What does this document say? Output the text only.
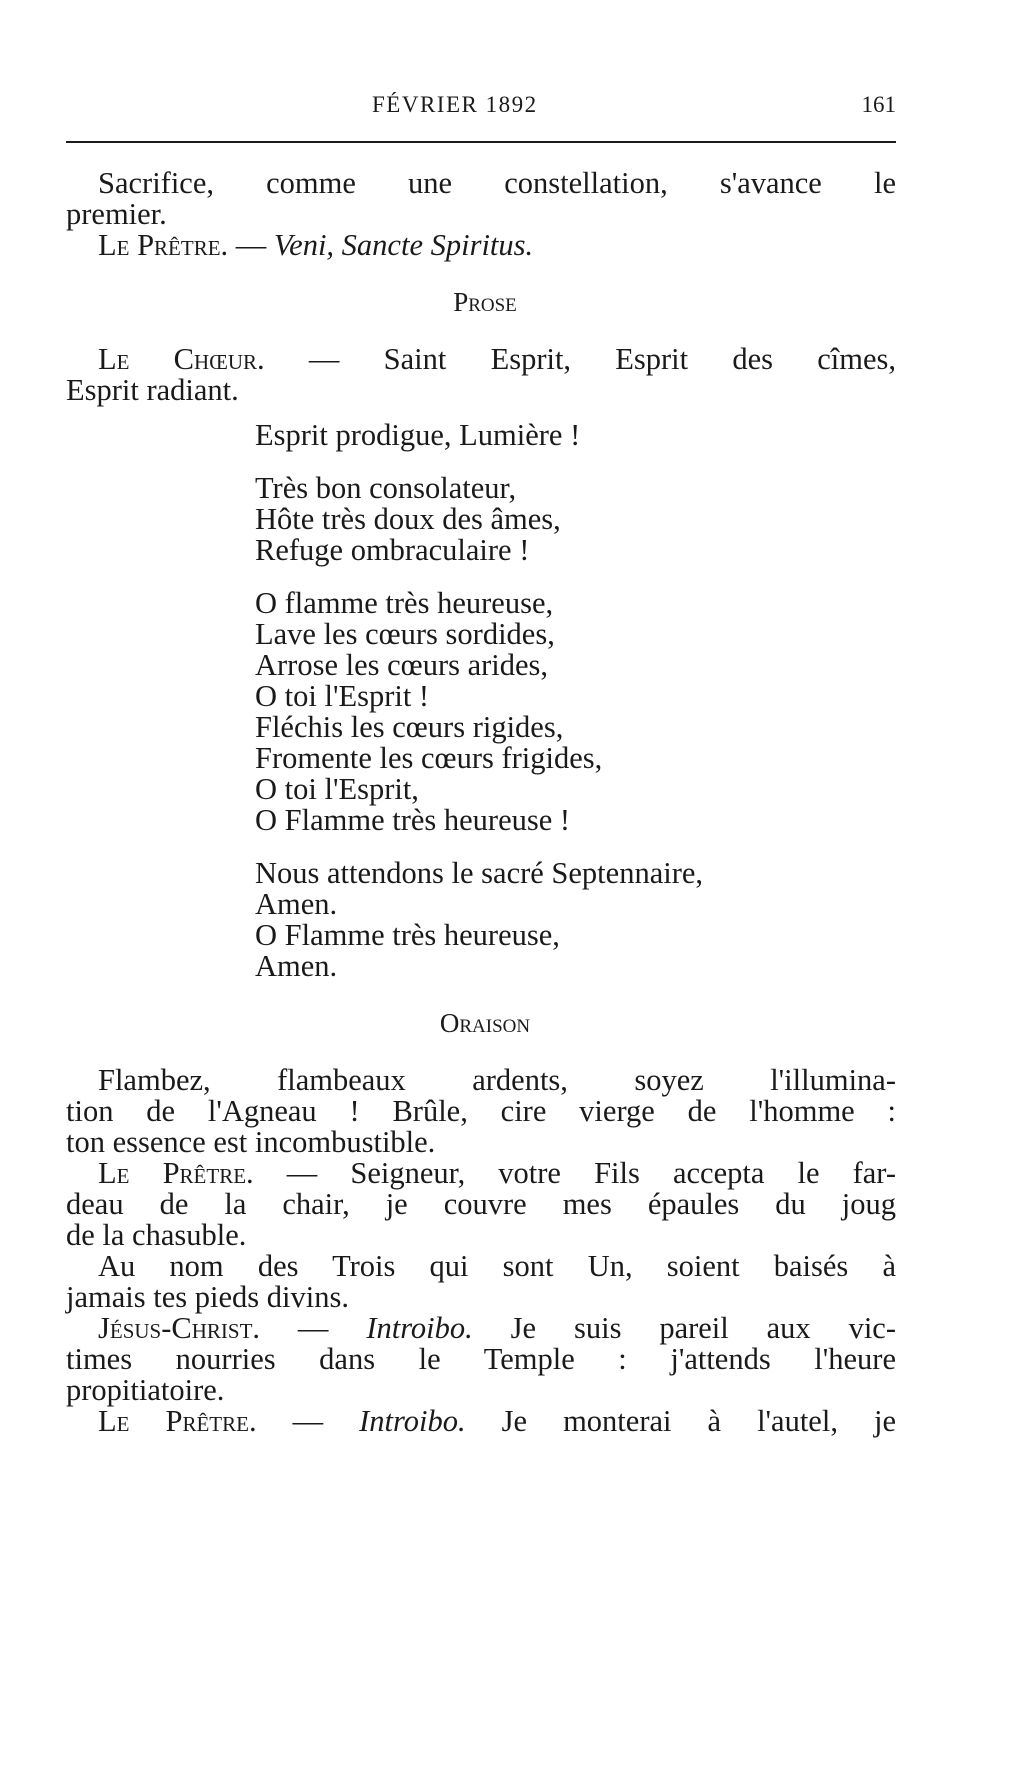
FÉVRIER 1892	161
Sacrifice, comme une constellation, s'avance le
premier.
Le Prêtre. — Veni, Sancte Spiritus.
Prose
Le Chœur. — Saint Esprit, Esprit des cîmes,
Esprit radiant.
Esprit prodigue, Lumière !
Très bon consolateur,
Hôte très doux des âmes,
Refuge ombraculaire !
O flamme très heureuse,
Lave les cœurs sordides,
Arrose les cœurs arides,
O toi l'Esprit !
Fléchis les cœurs rigides,
Fromente les cœurs frigides,
O toi l'Esprit,
O Flamme très heureuse !
Nous attendons le sacré Septennaire,
Amen.
O Flamme très heureuse,
Amen.
Oraison
Flambez, flambeaux ardents, soyez l'illumina-
tion de l'Agneau ! Brûle, cire vierge de l'homme :
ton essence est incombustible.
Le Prêtre. — Seigneur, votre Fils accepta le far-
deau de la chair, je couvre mes épaules du joug
de la chasuble.
Au nom des Trois qui sont Un, soient baisés à
jamais tes pieds divins.
Jésus-Christ. — Introibo. Je suis pareil aux vic-
times nourries dans le Temple : j'attends l'heure
propitiatoire.
Le Prêtre. — Introibo. Je monterai à l'autel, je
